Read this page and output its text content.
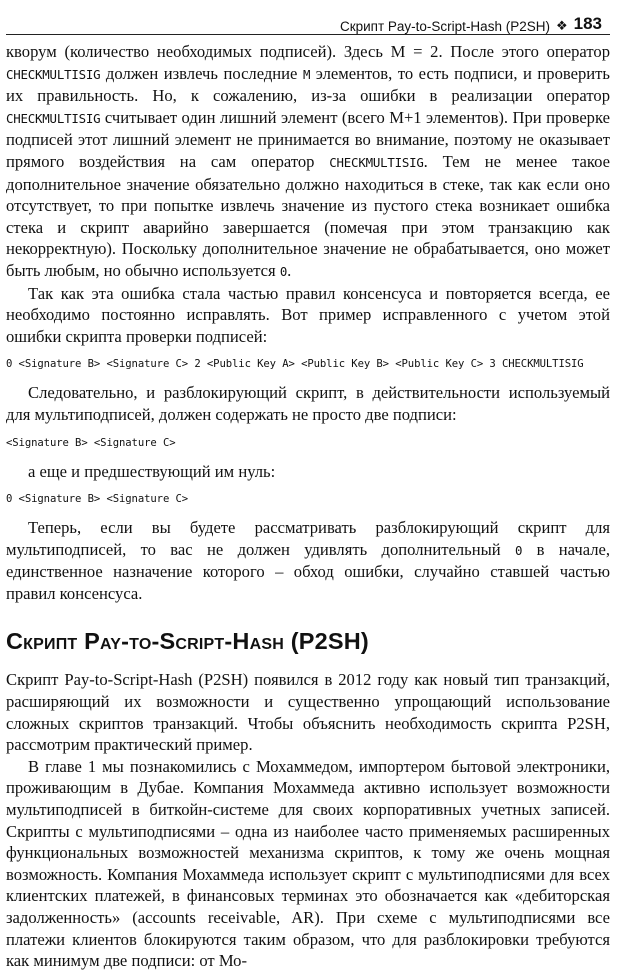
Скрипт Pay-to-Script-Hash (P2SH) ❖ 183

кворум (количество необходимых подписей). Здесь M = 2. После этого оператор CHECKMULTISIG должен извлечь последние M элементов, то есть подписи, и проверить их правильность. Но, к сожалению, из-за ошибки в реализации оператор CHECKMULTISIG считывает один лишний элемент (всего M+1 элементов). При проверке подписей этот лишний элемент не принимается во внимание, поэтому не оказывает прямого воздействия на сам оператор CHECKMULTISIG. Тем не менее такое дополнительное значение обязательно должно находиться в стеке, так как если оно отсутствует, то при попытке извлечь значение из пустого стека возникает ошибка стека и скрипт аварийно завершается (помечая при этом транзакцию как некорректную). Поскольку дополнительное значение не обрабатывается, оно может быть любым, но обычно используется 0.

Так как эта ошибка стала частью правил консенсуса и повторяется всегда, ее необходимо постоянно исправлять. Вот пример исправленного с учетом этой ошибки скрипта проверки подписей:

0 <Signature B> <Signature C> 2 <Public Key A> <Public Key B> <Public Key C> 3 CHECKMULTISIG

Следовательно, и разблокирующий скрипт, в действительности используемый для мультиподписей, должен содержать не просто две подписи:

<Signature B> <Signature C>

а еще и предшествующий им нуль:

0 <Signature B> <Signature C>

Теперь, если вы будете рассматривать разблокирующий скрипт для мультиподписей, то вас не должен удивлять дополнительный 0 в начале, единственное назначение которого – обход ошибки, случайно ставшей частью правил консенсуса.

Скрипт Pay-to-Script-Hash (P2SH)

Скрипт Pay-to-Script-Hash (P2SH) появился в 2012 году как новый тип транзакций, расширяющий их возможности и существенно упрощающий использование сложных скриптов транзакций. Чтобы объяснить необходимость скрипта P2SH, рассмотрим практический пример.

В главе 1 мы познакомились с Мохаммедом, импортером бытовой электроники, проживающим в Дубае. Компания Мохаммеда активно использует возможности мультиподписей в биткойн-системе для своих корпоративных учетных записей. Скрипты с мультиподписями – одна из наиболее часто применяемых расширенных функциональных возможностей механизма скриптов, к тому же очень мощная возможность. Компания Мохаммеда использует скрипт с мультиподписями для всех клиентских платежей, в финансовых терминах это обозначается как «дебиторская задолженность» (accounts receivable, AR). При схеме с мультиподписями все платежи клиентов блокируются таким образом, что для разблокировки требуются как минимум две подписи: от Мо-
